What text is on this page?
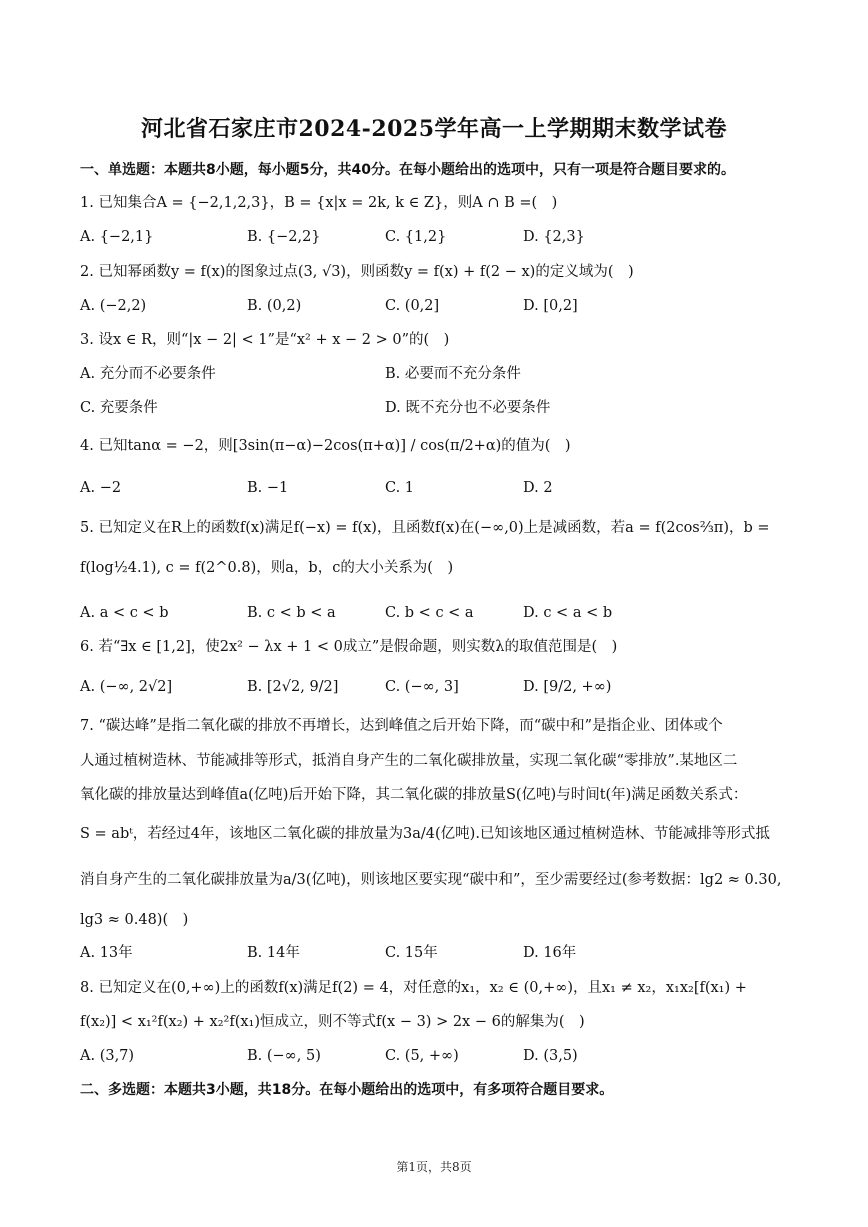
河北省石家庄市2024-2025学年高一上学期期末数学试卷
一、单选题：本题共8小题，每小题5分，共40分。在每小题给出的选项中，只有一项是符合题目要求的。
1. 已知集合A = {−2,1,2,3}，B = {x|x = 2k, k ∈ Z}，则A ∩ B =(　)
A. {−2,1}	B. {−2,2}	C. {1,2}	D. {2,3}
2. 已知幂函数y = f(x)的图象过点(3, √3)，则函数y = f(x) + f(2 − x)的定义域为(　)
A. (−2,2)	B. (0,2)	C. (0,2]	D. [0,2]
3. 设x ∈ R，则“|x − 2| < 1”是“x² + x − 2 > 0”的(　)
A. 充分而不必要条件	B. 必要而不充分条件
C. 充要条件	D. 既不充分也不必要条件
4. 已知tanα = −2，则[3sin(π−α)−2cos(π+α)] / cos(π/2+α)的值为(　)
A. −2	B. −1	C. 1	D. 2
5. 已知定义在R上的函数f(x)满足f(−x) = f(x)，且函数f(x)在(−∞,0)上是减函数，若a = f(2cos⅔π)，b =
f(log½4.1), c = f(2^0.8)，则a，b，c的大小关系为(　)
A. a < c < b	B. c < b < a	C. b < c < a	D. c < a < b
6. 若“∃x ∈ [1,2]，使2x² − λx + 1 < 0成立”是假命题，则实数λ的取值范围是(　)
A. (−∞, 2√2]	B. [2√2, 9/2]	C. (−∞, 3]	D. [9/2, +∞)
7. “碳达峰”是指二氧化碳的排放不再增长，达到峰值之后开始下降，而“碳中和”是指企业、团体或个
人通过植树造林、节能减排等形式，抵消自身产生的二氧化碳排放量，实现二氧化碳“零排放”.某地区二
氧化碳的排放量达到峰值a(亿吨)后开始下降，其二氧化碳的排放量S(亿吨)与时间t(年)满足函数关系式：
S = abᵗ，若经过4年，该地区二氧化碳的排放量为3a/4(亿吨).已知该地区通过植树造林、节能减排等形式抵
消自身产生的二氧化碳排放量为a/3(亿吨)，则该地区要实现“碳中和”，至少需要经过(参考数据：lg2 ≈ 0.30,
lg3 ≈ 0.48)(　)
A. 13年	B. 14年	C. 15年	D. 16年
8. 已知定义在(0,+∞)上的函数f(x)满足f(2) = 4，对任意的x₁，x₂ ∈ (0,+∞)，且x₁ ≠ x₂，x₁x₂[f(x₁) +
f(x₂)] < x₁²f(x₂) + x₂²f(x₁)恒成立，则不等式f(x − 3) > 2x − 6的解集为(　)
A. (3,7)	B. (−∞, 5)	C. (5, +∞)	D. (3,5)
二、多选题：本题共3小题，共18分。在每小题给出的选项中，有多项符合题目要求。
第1页，共8页
